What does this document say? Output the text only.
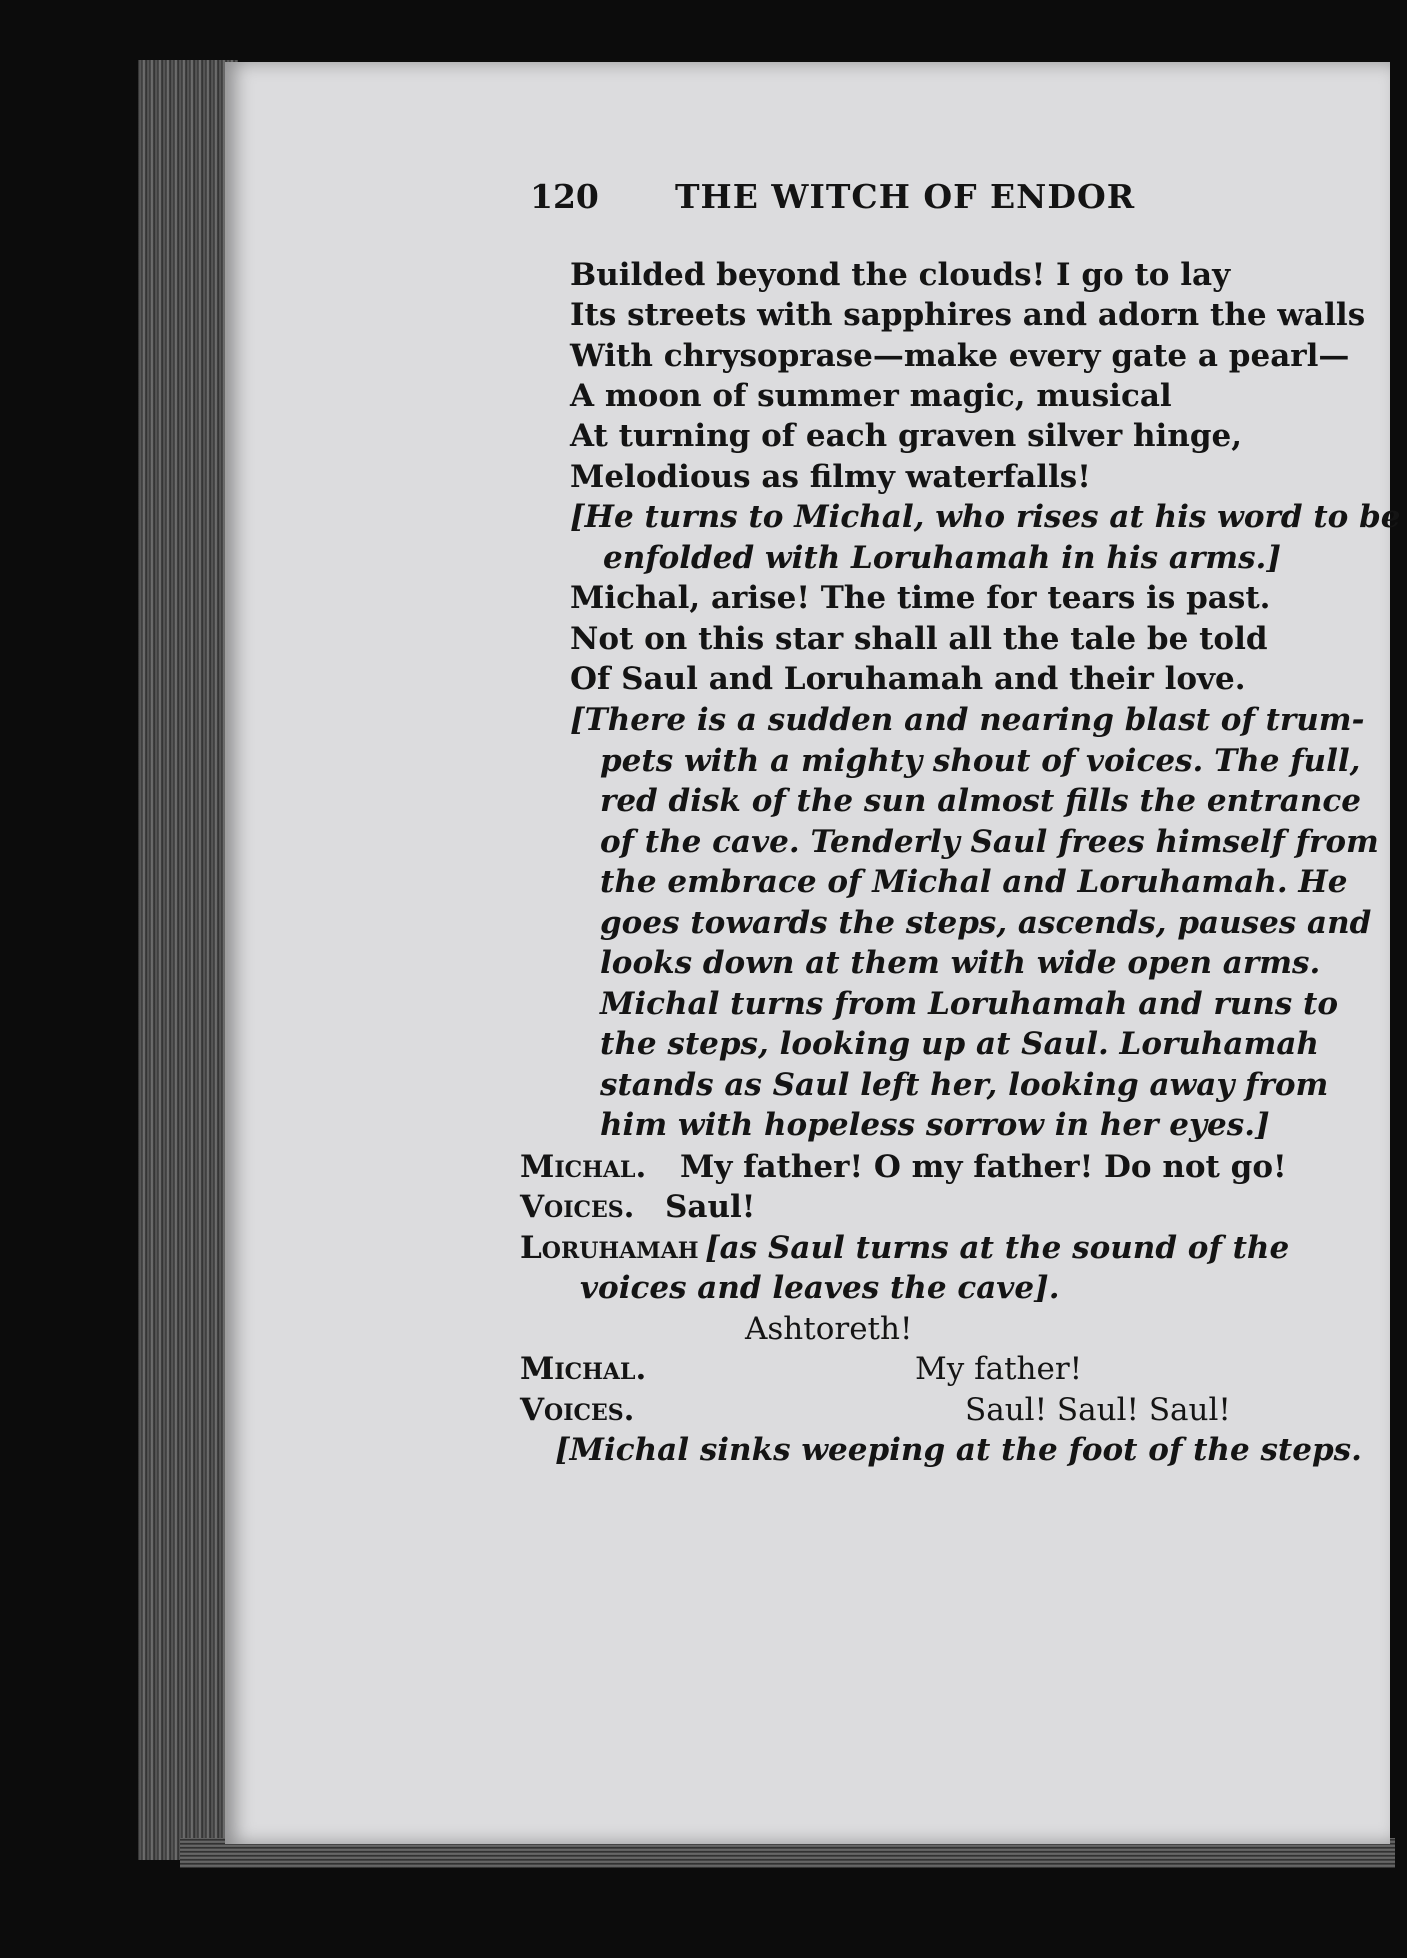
120 THE WITCH OF ENDOR
Builded beyond the clouds! I go to lay
Its streets with sapphires and adorn the walls
With chrysoprase—make every gate a pearl—
A moon of summer magic, musical
At turning of each graven silver hinge,
Melodious as filmy waterfalls!
[He turns to Michal, who rises at his word to be
enfolded with Loruhamah in his arms.]
Michal, arise! The time for tears is past.
Not on this star shall all the tale be told
Of Saul and Loruhamah and their love.
[There is a sudden and nearing blast of trum-
pets with a mighty shout of voices. The full,
red disk of the sun almost fills the entrance
of the cave. Tenderly Saul frees himself from
the embrace of Michal and Loruhamah. He
goes towards the steps, ascends, pauses and
looks down at them with wide open arms.
Michal turns from Loruhamah and runs to
the steps, looking up at Saul. Loruhamah
stands as Saul left her, looking away from
him with hopeless sorrow in her eyes.]
Michal. My father! O my father! Do not go!
Voices. Saul!
Loruhamah [as Saul turns at the sound of the
voices and leaves the cave].
Ashtoreth!
Michal.	My father!
Voices.	Saul! Saul! Saul!
[Michal sinks weeping at the foot of the steps.
